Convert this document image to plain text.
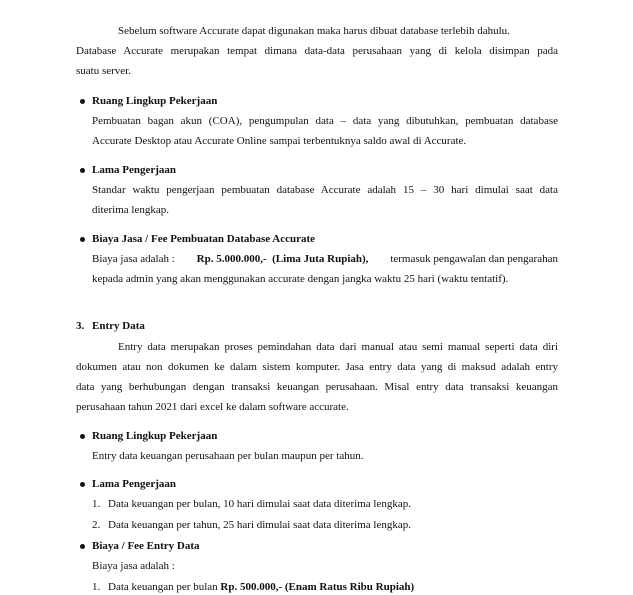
Sebelum software Accurate dapat digunakan maka harus dibuat database terlebih dahulu.
Database Accurate merupakan tempat dimana data-data perusahaan yang di kelola disimpan pada
suatu server.
Ruang Lingkup Pekerjaan
Pembuatan bagan akun (COA), pengumpulan data – data yang dibutuhkan, pembuatan database
Accurate Desktop atau Accurate Online sampai terbentuknya saldo awal di Accurate.
Lama Pengerjaan
Standar waktu pengerjaan pembuatan database Accurate adalah 15 – 30 hari dimulai saat data
diterima lengkap.
Biaya Jasa / Fee Pembuatan Database Accurate
Biaya jasa adalah : Rp. 5.000.000,-  (Lima Juta Rupiah), termasuk pengawalan dan pengarahan
kepada admin yang akan menggunakan accurate dengan jangka waktu 25 hari (waktu tentatif).
3. Entry Data
Entry data merupakan proses pemindahan data dari manual atau semi manual seperti data diri
dokumen atau non dokumen ke dalam sistem komputer. Jasa entry data yang di maksud adalah entry
data yang berhubungan dengan transaksi keuangan perusahaan. Misal entry data transaksi keuangan
perusahaan tahun 2021 dari excel ke dalam software accurate.
Ruang Lingkup Pekerjaan
Entry data keuangan perusahaan per bulan maupun per tahun.
Lama Pengerjaan
1. Data keuangan per bulan, 10 hari dimulai saat data diterima lengkap.
2. Data keuangan per tahun, 25 hari dimulai saat data diterima lengkap.
Biaya / Fee Entry Data
Biaya jasa adalah :
1. Data keuangan per bulan Rp. 500.000,- (Enam Ratus Ribu Rupiah)
